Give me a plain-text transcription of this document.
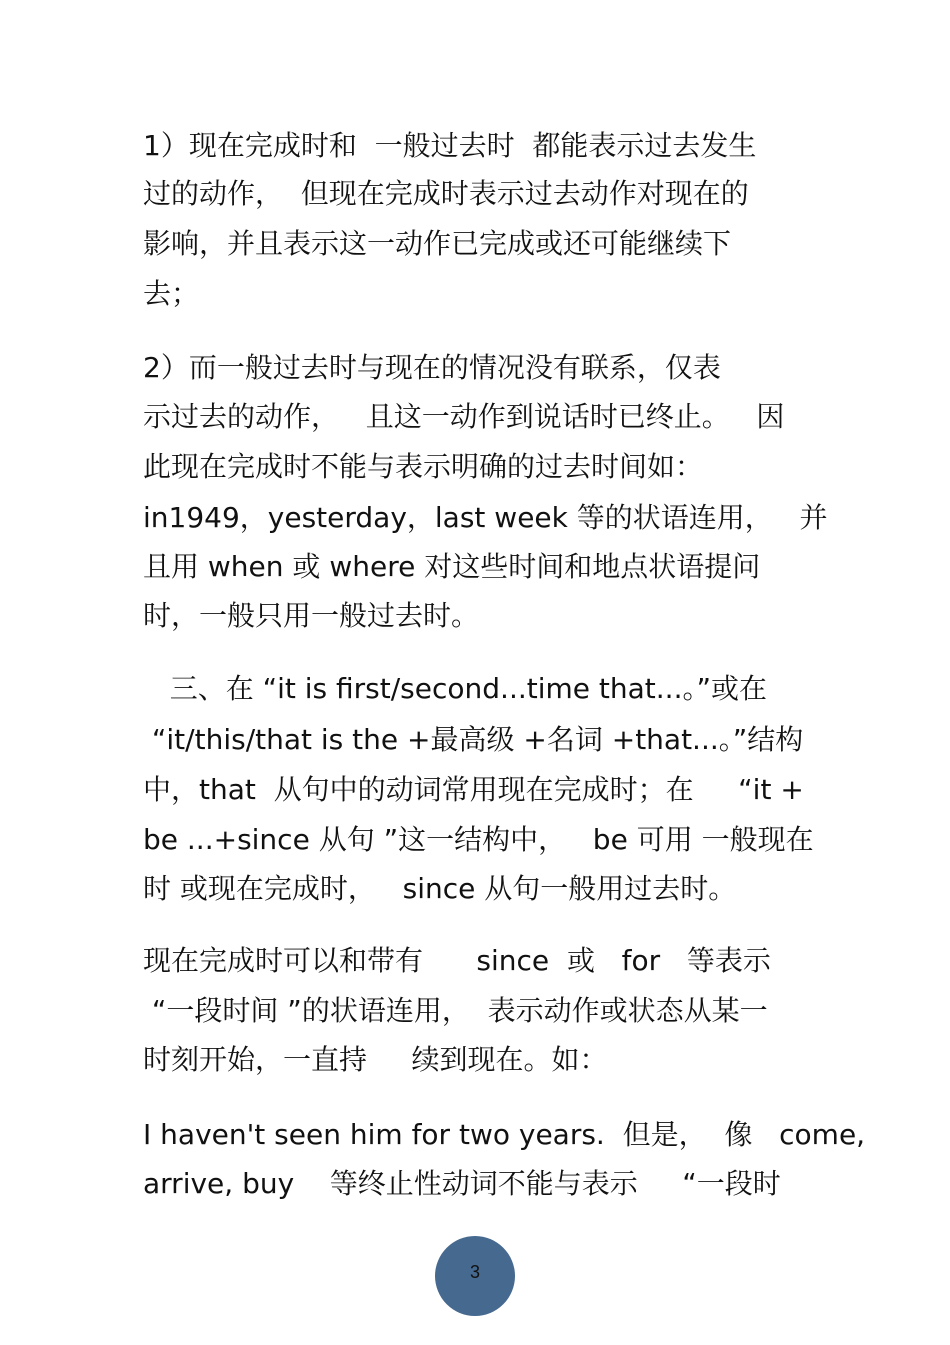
1）现在完成时和  一般过去时  都能表示过去发生
过的动作，  但现在完成时表示过去动作对现在的
影响，并且表示这一动作已完成或还可能继续下
去；
2）而一般过去时与现在的情况没有联系，仅表
示过去的动作，   且这一动作到说话时已终止。   因
此现在完成时不能与表示明确的过去时间如：
in1949，yesterday，last week 等的状语连用，   并
且用 when 或 where 对这些时间和地点状语提问
时，一般只用一般过去时。
三、在 “it is first/second...time that...。”或在
“it/this/that is the +最高级 +名词 +that...。”结构
中，that  从句中的动词常用现在完成时；在     “it +
be ...+since 从句 ”这一结构中，   be 可用 一般现在
时 或现在完成时，   since 从句一般用过去时。
现在完成时可以和带有      since  或   for   等表示
“一段时间 ”的状语连用，  表示动作或状态从某一
时刻开始，一直持     续到现在。如：
I haven't seen him for two years.  但是，  像   come,
arrive, buy    等终止性动词不能与表示     “一段时
3
